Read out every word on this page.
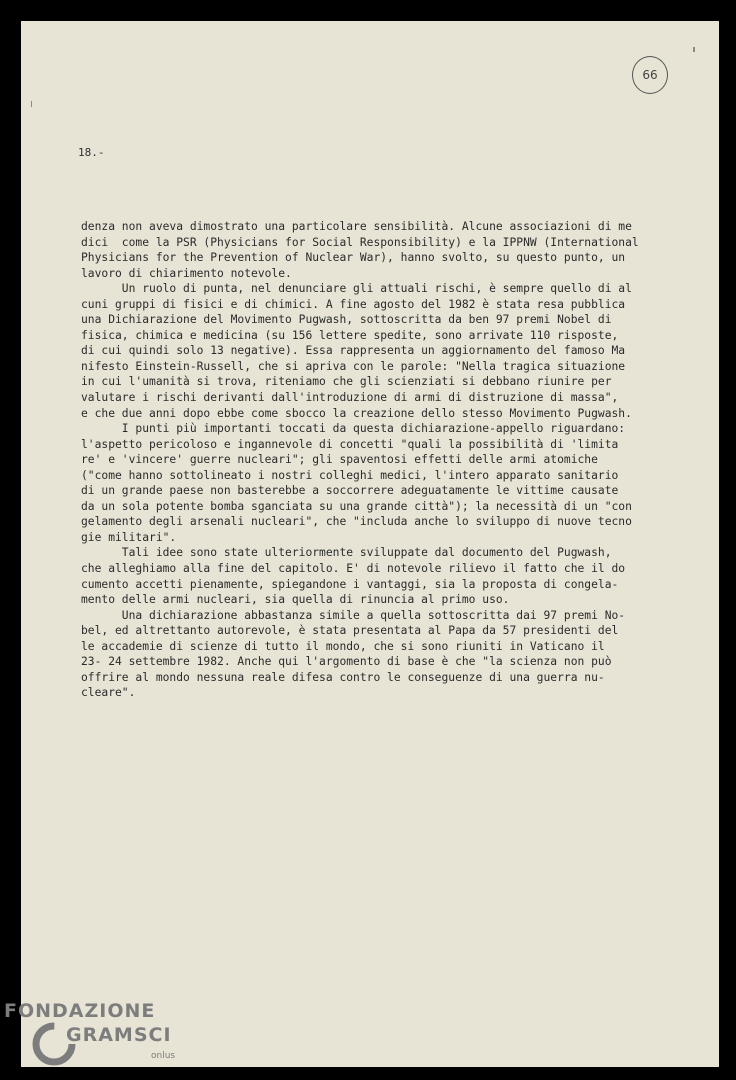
66
18.-
denza non aveva dimostrato una particolare sensibilità. Alcune associazioni di me
dici  come la PSR (Physicians for Social Responsibility) e la IPPNW (International
Physicians for the Prevention of Nuclear War), hanno svolto, su questo punto, un
lavoro di chiarimento notevole.
Un ruolo di punta, nel denunciare gli attuali rischi, è sempre quello di al
cuni gruppi di fisici e di chimici. A fine agosto del 1982 è stata resa pubblica
una Dichiarazione del Movimento Pugwash, sottoscritta da ben 97 premi Nobel di
fisica, chimica e medicina (su 156 lettere spedite, sono arrivate 110 risposte,
di cui quindi solo 13 negative). Essa rappresenta un aggiornamento del famoso Ma
nifesto Einstein-Russell, che si apriva con le parole: "Nella tragica situazione
in cui l'umanità si trova, riteniamo che gli scienziati si debbano riunire per
valutare i rischi derivanti dall'introduzione di armi di distruzione di massa",
e che due anni dopo ebbe come sbocco la creazione dello stesso Movimento Pugwash.
I punti più importanti toccati da questa dichiarazione-appello riguardano:
l'aspetto pericoloso e ingannevole di concetti "quali la possibilità di 'limita
re' e 'vincere' guerre nucleari"; gli spaventosi effetti delle armi atomiche
("come hanno sottolineato i nostri colleghi medici, l'intero apparato sanitario
di un grande paese non basterebbe a soccorrere adeguatamente le vittime causate
da un sola potente bomba sganciata su una grande città"); la necessità di un "con
gelamento degli arsenali nucleari", che "includa anche lo sviluppo di nuove tecno
gie militari".
Tali idee sono state ulteriormente sviluppate dal documento del Pugwash,
che alleghiamo alla fine del capitolo. E' di notevole rilievo il fatto che il do
cumento accetti pienamente, spiegandone i vantaggi, sia la proposta di congela-
mento delle armi nucleari, sia quella di rinuncia al primo uso.
Una dichiarazione abbastanza simile a quella sottoscritta dai 97 premi No-
bel, ed altrettanto autorevole, è stata presentata al Papa da 57 presidenti del
le accademie di scienze di tutto il mondo, che si sono riuniti in Vaticano il
23- 24 settembre 1982. Anche qui l'argomento di base è che "la scienza non può
offrire al mondo nessuna reale difesa contro le conseguenze di una guerra nu-
cleare".
FONDAZIONE
GRAMSCI
onlus
